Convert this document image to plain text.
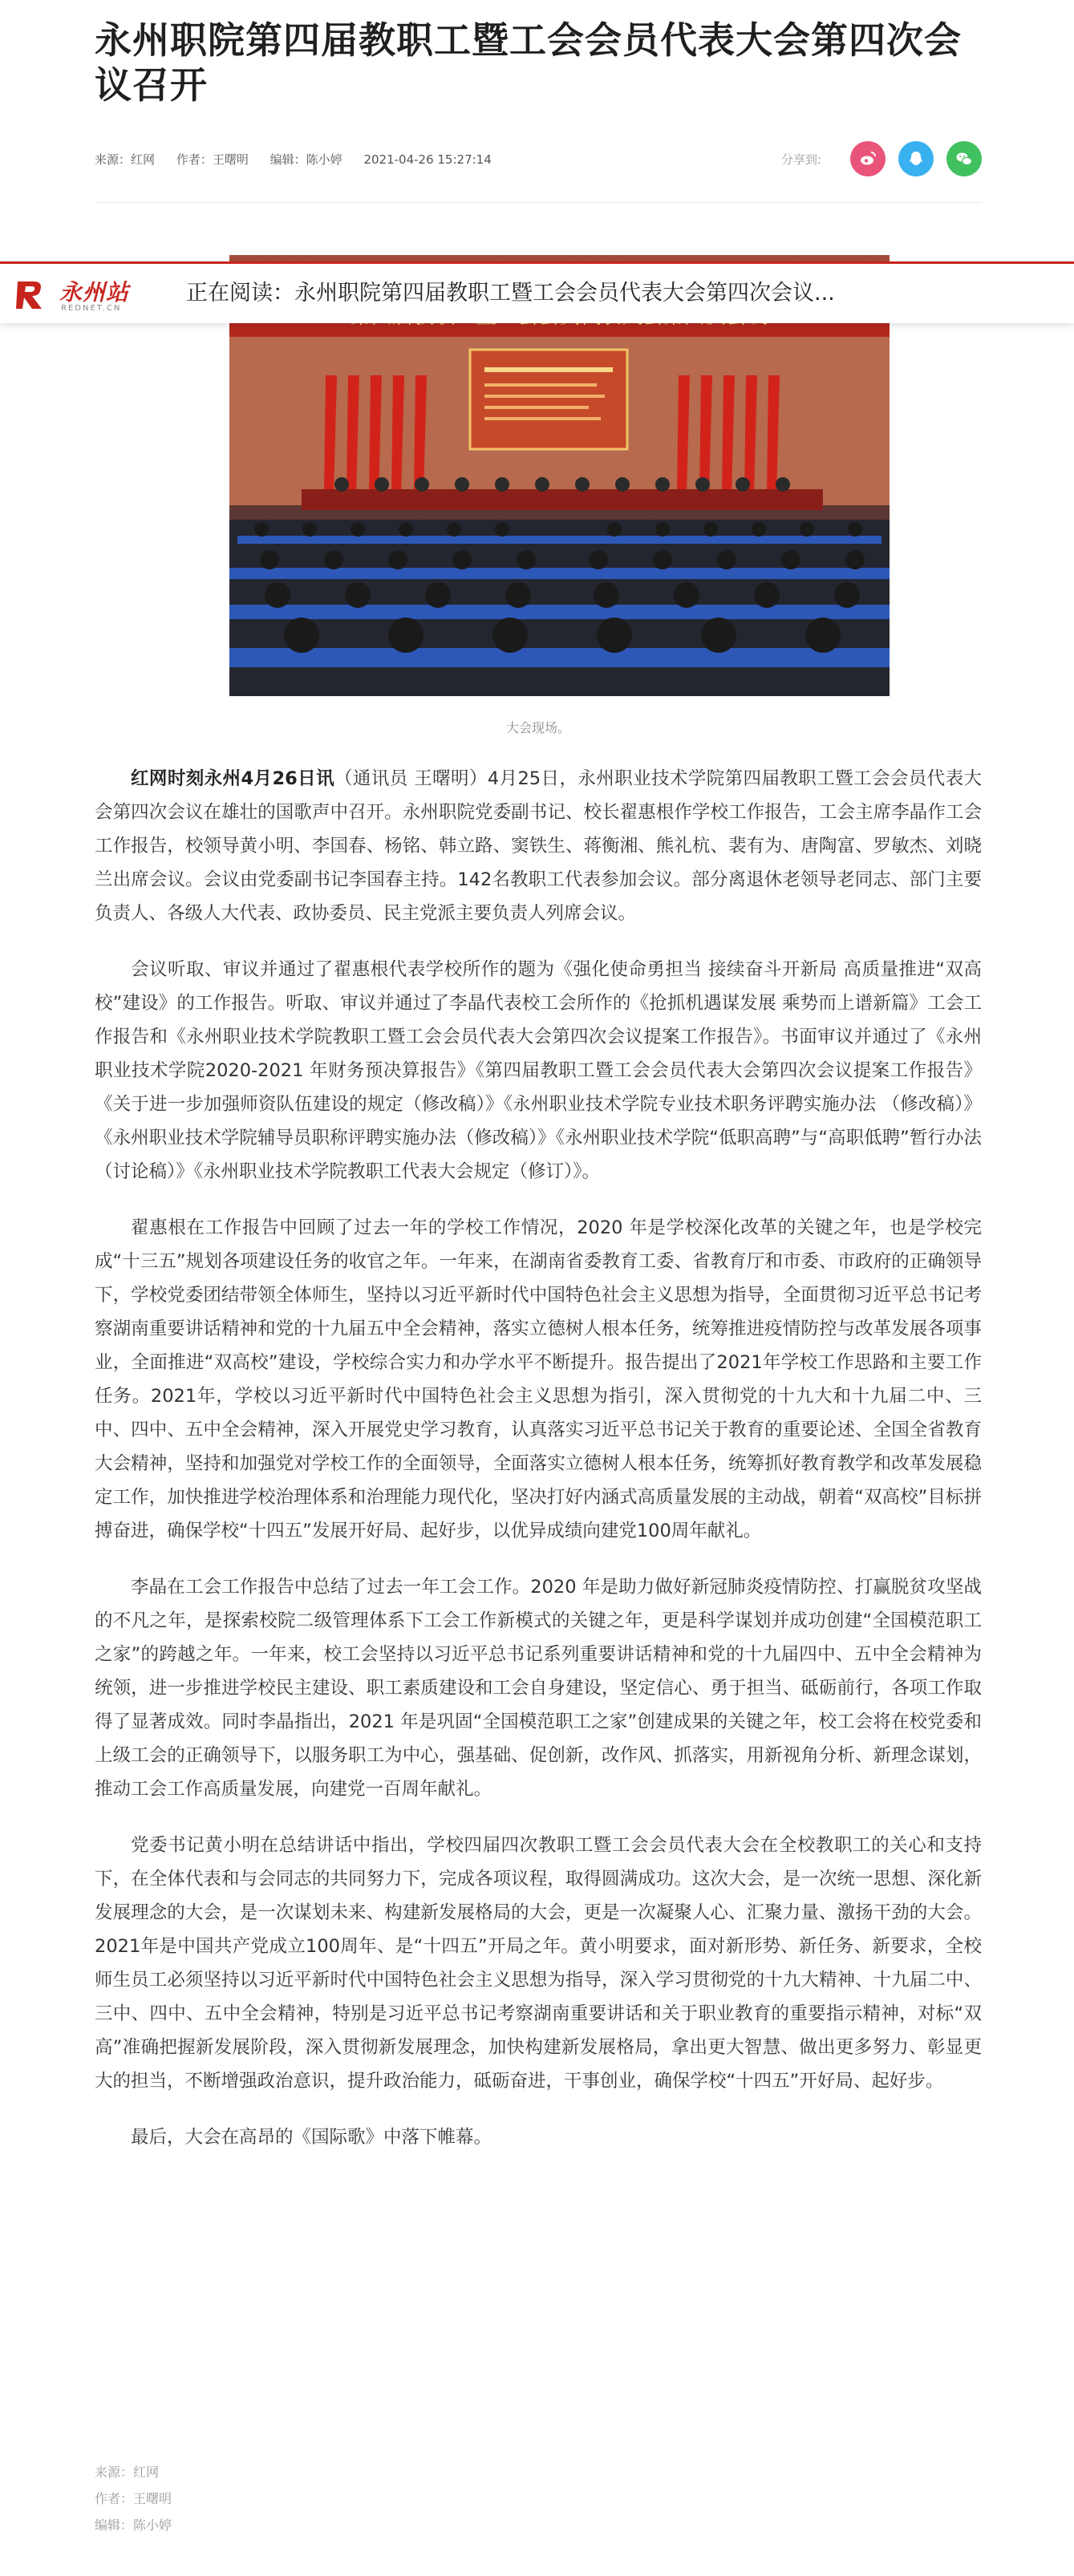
永州职院第四届教职工暨工会会员代表大会第四次会议召开
来源：红网 作者：王曙明 编辑：陈小婷 2021-04-26 15:27:14	分享到:
永州站
REDNET.CN
正在阅读：永州职院第四届教职工暨工会会员代表大会第四次会议...
大会现场。

红网时刻永州4月26日讯（通讯员 王曙明）4月25日，永州职业技术学院第四届教职工暨工会会员代表大会第四次会议在雄壮的国歌声中召开。永州职院党委副书记、校长翟惠根作学校工作报告，工会主席李晶作工会工作报告，校领导黄小明、李国春、杨铭、韩立路、窦铁生、蒋衡湘、熊礼杭、裴有为、唐陶富、罗敏杰、刘晓兰出席会议。会议由党委副书记李国春主持。142名教职工代表参加会议。部分离退休老领导老同志、部门主要负责人、各级人大代表、政协委员、民主党派主要负责人列席会议。

会议听取、审议并通过了翟惠根代表学校所作的题为《强化使命勇担当 接续奋斗开新局 高质量推进“双高校”建设》的工作报告。听取、审议并通过了李晶代表校工会所作的《抢抓机遇谋发展 乘势而上谱新篇》工会工作报告和《永州职业技术学院教职工暨工会会员代表大会第四次会议提案工作报告》。书面审议并通过了《永州职业技术学院2020-2021 年财务预决算报告》《第四届教职工暨工会会员代表大会第四次会议提案工作报告》《关于进一步加强师资队伍建设的规定（修改稿）》《永州职业技术学院专业技术职务评聘实施办法 （修改稿）》《永州职业技术学院辅导员职称评聘实施办法（修改稿）》《永州职业技术学院“低职高聘”与“高职低聘”暂行办法（讨论稿）》《永州职业技术学院教职工代表大会规定（修订）》。

翟惠根在工作报告中回顾了过去一年的学校工作情况，2020 年是学校深化改革的关键之年，也是学校完成“十三五”规划各项建设任务的收官之年。一年来，在湖南省委教育工委、省教育厅和市委、市政府的正确领导下，学校党委团结带领全体师生，坚持以习近平新时代中国特色社会主义思想为指导，全面贯彻习近平总书记考察湖南重要讲话精神和党的十九届五中全会精神，落实立德树人根本任务，统筹推进疫情防控与改革发展各项事业，全面推进“双高校”建设，学校综合实力和办学水平不断提升。报告提出了2021年学校工作思路和主要工作任务。2021年，学校以习近平新时代中国特色社会主义思想为指引，深入贯彻党的十九大和十九届二中、三中、四中、五中全会精神，深入开展党史学习教育，认真落实习近平总书记关于教育的重要论述、全国全省教育大会精神，坚持和加强党对学校工作的全面领导，全面落实立德树人根本任务，统筹抓好教育教学和改革发展稳定工作，加快推进学校治理体系和治理能力现代化，坚决打好内涵式高质量发展的主动战，朝着“双高校”目标拼搏奋进，确保学校“十四五”发展开好局、起好步，以优异成绩向建党100周年献礼。

李晶在工会工作报告中总结了过去一年工会工作。2020 年是助力做好新冠肺炎疫情防控、打赢脱贫攻坚战的不凡之年，是探索校院二级管理体系下工会工作新模式的关键之年，更是科学谋划并成功创建“全国模范职工之家”的跨越之年。一年来，校工会坚持以习近平总书记系列重要讲话精神和党的十九届四中、五中全会精神为统领，进一步推进学校民主建设、职工素质建设和工会自身建设，坚定信心、勇于担当、砥砺前行，各项工作取得了显著成效。同时李晶指出，2021 年是巩固“全国模范职工之家”创建成果的关键之年，校工会将在校党委和上级工会的正确领导下，以服务职工为中心，强基础、促创新，改作风、抓落实，用新视角分析、新理念谋划，推动工会工作高质量发展，向建党一百周年献礼。

党委书记黄小明在总结讲话中指出，学校四届四次教职工暨工会会员代表大会在全校教职工的关心和支持下，在全体代表和与会同志的共同努力下，完成各项议程，取得圆满成功。这次大会，是一次统一思想、深化新发展理念的大会，是一次谋划未来、构建新发展格局的大会，更是一次凝聚人心、汇聚力量、激扬干劲的大会。2021年是中国共产党成立100周年、是“十四五”开局之年。黄小明要求，面对新形势、新任务、新要求，全校师生员工必须坚持以习近平新时代中国特色社会主义思想为指导，深入学习贯彻党的十九大精神、十九届二中、三中、四中、五中全会精神，特别是习近平总书记考察湖南重要讲话和关于职业教育的重要指示精神，对标“双高”准确把握新发展阶段，深入贯彻新发展理念，加快构建新发展格局，拿出更大智慧、做出更多努力、彰显更大的担当，不断增强政治意识，提升政治能力，砥砺奋进，干事创业，确保学校“十四五”开好局、起好步。

最后，大会在高昂的《国际歌》中落下帷幕。

来源：红网
作者：王曙明
编辑：陈小婷
